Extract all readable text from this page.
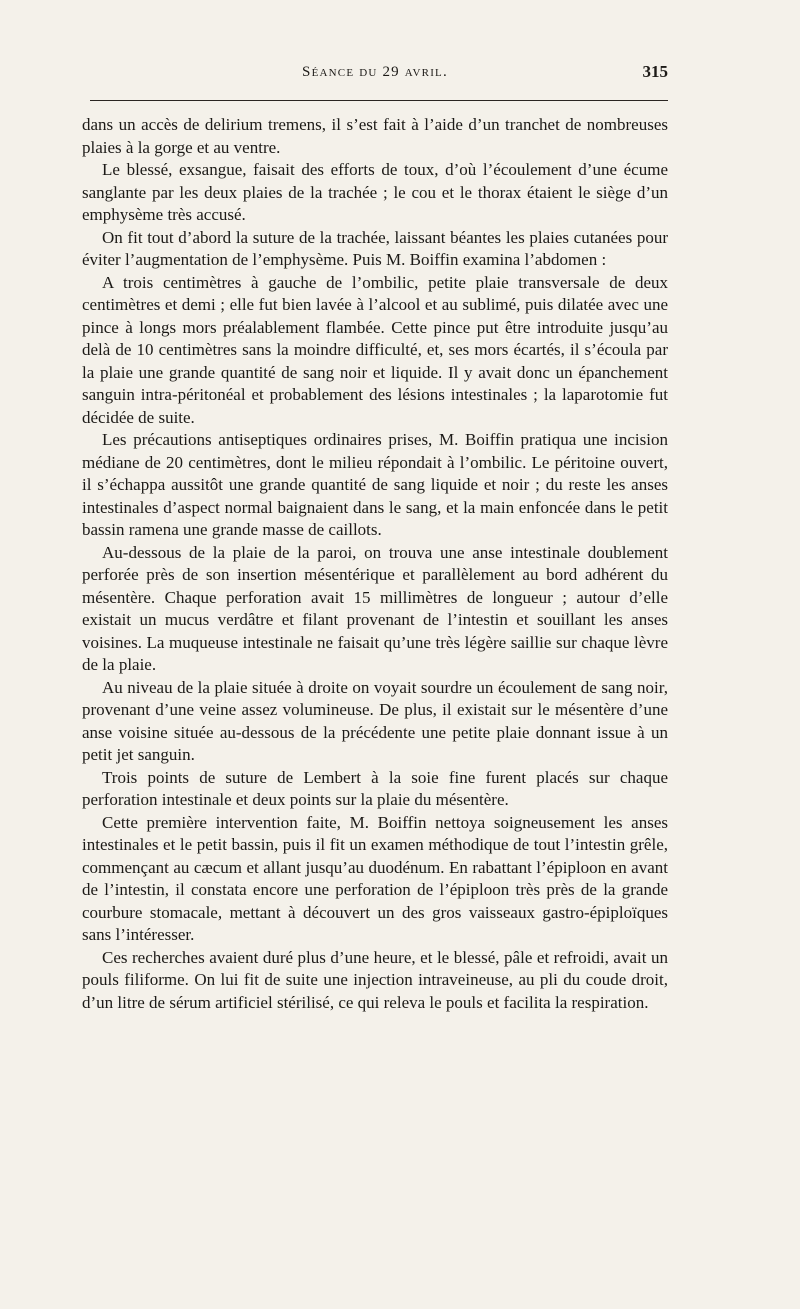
Séance du 29 avril.	315

dans un accès de delirium tremens, il s’est fait à l’aide d’un tranchet de nombreuses plaies à la gorge et au ventre.

Le blessé, exsangue, faisait des efforts de toux, d’où l’écoulement d’une écume sanglante par les deux plaies de la trachée ; le cou et le thorax étaient le siège d’un emphysème très accusé.

On fit tout d’abord la suture de la trachée, laissant béantes les plaies cutanées pour éviter l’augmentation de l’emphysème. Puis M. Boiffin examina l’abdomen :

A trois centimètres à gauche de l’ombilic, petite plaie transversale de deux centimètres et demi ; elle fut bien lavée à l’alcool et au sublimé, puis dilatée avec une pince à longs mors préalablement flambée. Cette pince put être introduite jusqu’au delà de 10 centimètres sans la moindre difficulté, et, ses mors écartés, il s’écoula par la plaie une grande quantité de sang noir et liquide. Il y avait donc un épanchement sanguin intra-péritonéal et probablement des lésions intestinales ; la laparotomie fut décidée de suite.

Les précautions antiseptiques ordinaires prises, M. Boiffin pratiqua une incision médiane de 20 centimètres, dont le milieu répondait à l’ombilic. Le péritoine ouvert, il s’échappa aussitôt une grande quantité de sang liquide et noir ; du reste les anses intestinales d’aspect normal baignaient dans le sang, et la main enfoncée dans le petit bassin ramena une grande masse de caillots.

Au-dessous de la plaie de la paroi, on trouva une anse intestinale doublement perforée près de son insertion mésentérique et parallèlement au bord adhérent du mésentère. Chaque perforation avait 15 millimètres de longueur ; autour d’elle existait un mucus verdâtre et filant provenant de l’intestin et souillant les anses voisines. La muqueuse intestinale ne faisait qu’une très légère saillie sur chaque lèvre de la plaie.

Au niveau de la plaie située à droite on voyait sourdre un écoulement de sang noir, provenant d’une veine assez volumineuse. De plus, il existait sur le mésentère d’une anse voisine située au-dessous de la précédente une petite plaie donnant issue à un petit jet sanguin.

Trois points de suture de Lembert à la soie fine furent placés sur chaque perforation intestinale et deux points sur la plaie du mésentère.

Cette première intervention faite, M. Boiffin nettoya soigneusement les anses intestinales et le petit bassin, puis il fit un examen méthodique de tout l’intestin grêle, commençant au cæcum et allant jusqu’au duodénum. En rabattant l’épiploon en avant de l’intestin, il constata encore une perforation de l’épiploon très près de la grande courbure stomacale, mettant à découvert un des gros vaisseaux gastro-épiploïques sans l’intéresser.

Ces recherches avaient duré plus d’une heure, et le blessé, pâle et refroidi, avait un pouls filiforme. On lui fit de suite une injection intraveineuse, au pli du coude droit, d’un litre de sérum artificiel stérilisé, ce qui releva le pouls et facilita la respiration.
